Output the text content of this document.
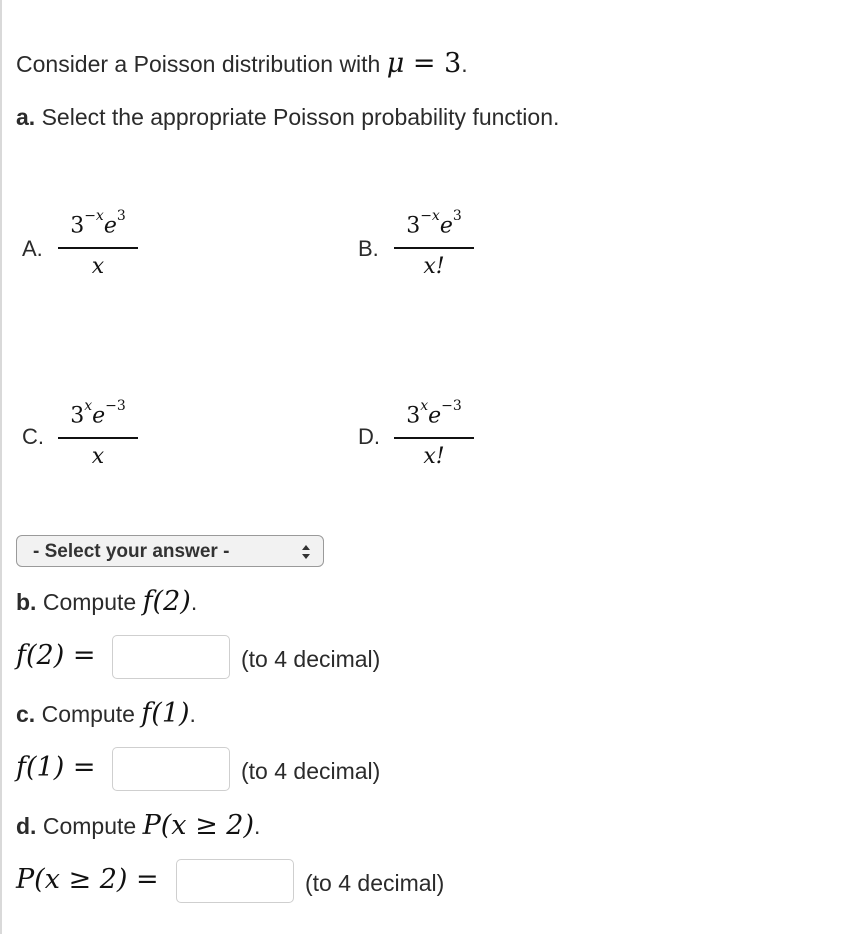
Consider a Poisson distribution with μ = 3.
a. Select the appropriate Poisson probability function.
A.
$3^{-x}e^3$
x
B.
$3^{-x}e^3$
x!
C.
$3^xe^{-3}$
x
D.
$3^xe^{-3}$
x!
- Select your answer -
b. Compute f(2).
f(2) =	(to 4 decimal)
c. Compute f(1).
f(1) =	(to 4 decimal)
d. Compute P(x ≥ 2).
P(x ≥ 2) =	(to 4 decimal)
